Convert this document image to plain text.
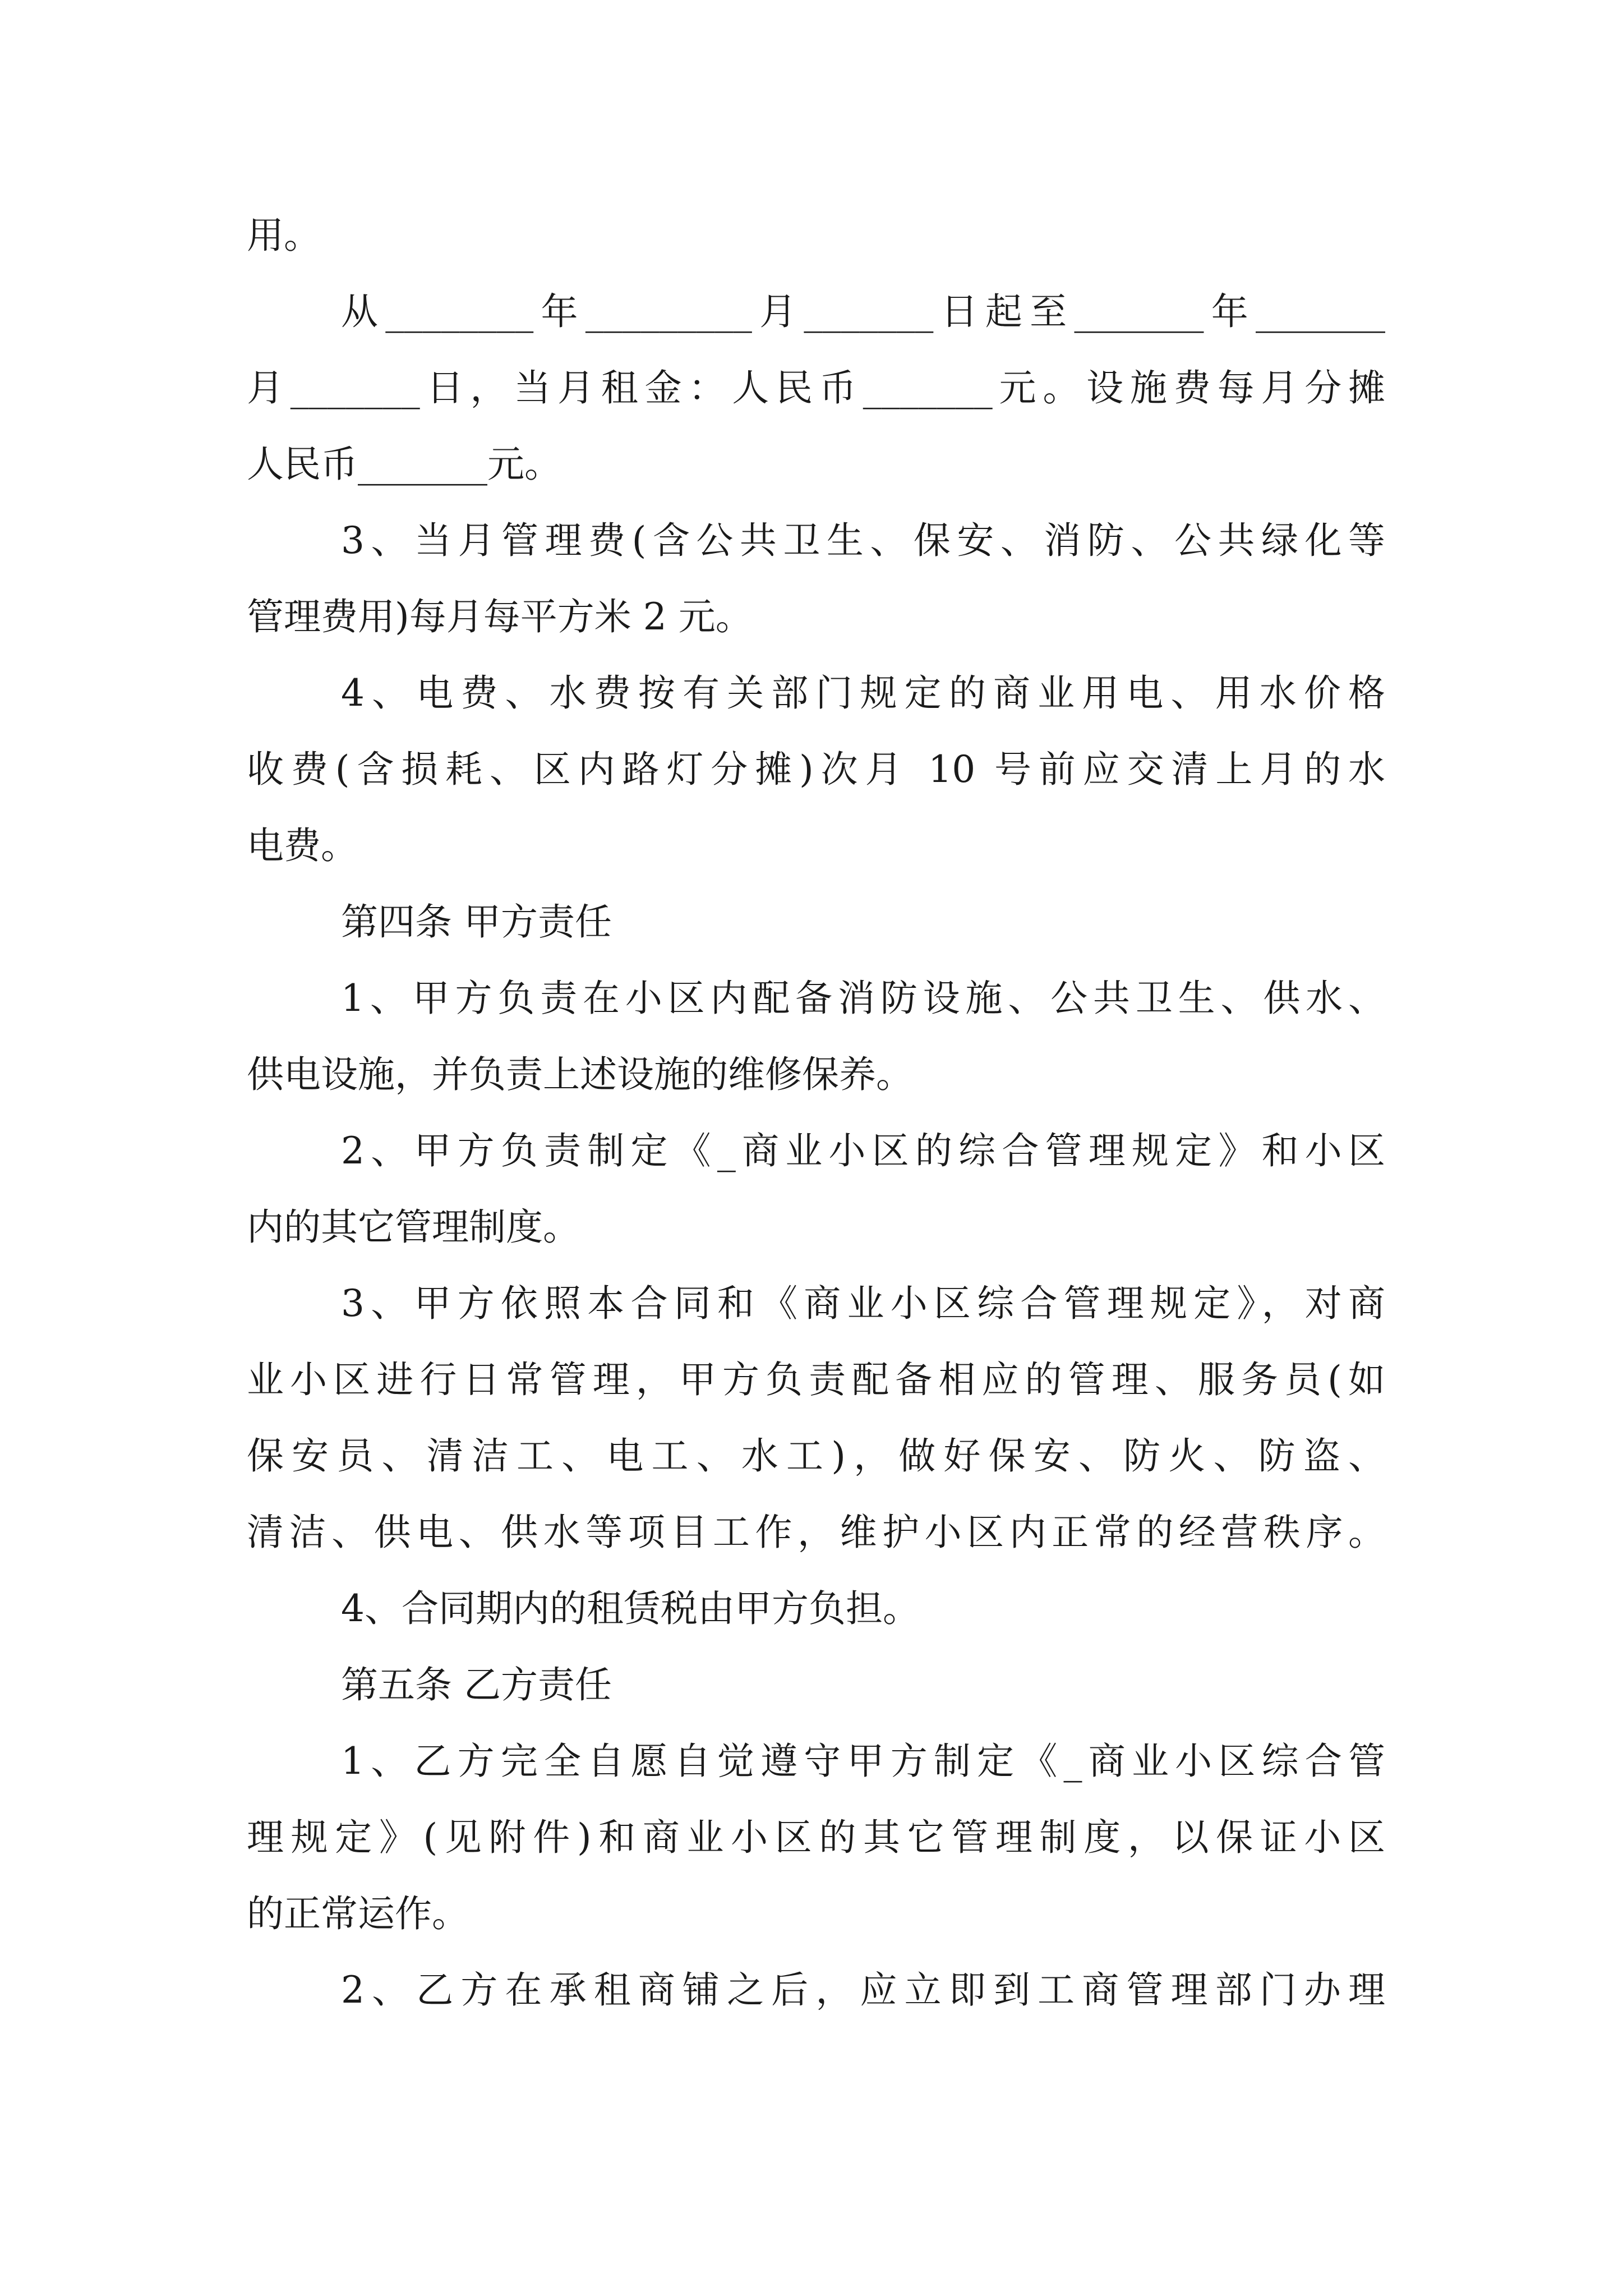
用。
从________年_________月_______日起至_______年_______
月_______日，当月租金：人民币_______元。设施费每月分摊
人民币_______元。
3、当月管理费(含公共卫生、保安、消防、公共绿化等
管理费用)每月每平方米 2 元。
4、电费、水费按有关部门规定的商业用电、用水价格
收费(含损耗、区内路灯分摊)次月 10 号前应交清上月的水
电费。
第四条 甲方责任
1、甲方负责在小区内配备消防设施、公共卫生、供水、
供电设施，并负责上述设施的维修保养。
2、甲方负责制定《_商业小区的综合管理规定》和小区
内的其它管理制度。
3、甲方依照本合同和《商业小区综合管理规定》，对商
业小区进行日常管理，甲方负责配备相应的管理、服务员(如
保安员、清洁工、电工、水工)，做好保安、防火、防盗、
清洁、供电、供水等项目工作，维护小区内正常的经营秩序。
4、合同期内的租赁税由甲方负担。
第五条 乙方责任
1、乙方完全自愿自觉遵守甲方制定《_商业小区综合管
理规定》(见附件)和商业小区的其它管理制度，以保证小区
的正常运作。
2、乙方在承租商铺之后，应立即到工商管理部门办理
